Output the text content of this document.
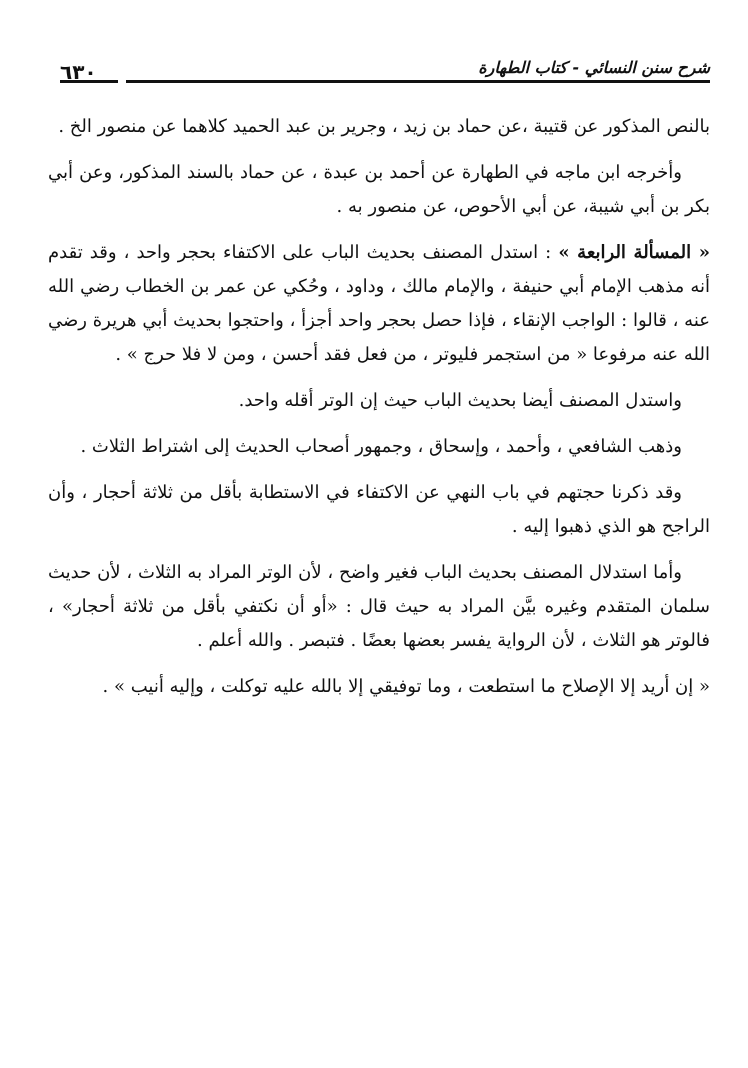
شرح سنن النسائي - كتاب الطهارة
٦٣٠

بالنص المذكور عن قتيبة ،عن حماد بن زيد ، وجرير بن عبد الحميد كلاهما عن منصور الخ .

وأخرجه ابن ماجه في الطهارة عن أحمد بن عبدة ، عن حماد بالسند المذكور، وعن أبي بكر بن أبي شيبة، عن أبي الأحوص، عن منصور به .

« المسألة الرابعة » : استدل المصنف بحديث الباب على الاكتفاء بحجر واحد ، وقد تقدم أنه مذهب الإمام أبي حنيفة ، والإمام مالك ، وداود ، وحُكي عن عمر بن الخطاب رضي الله عنه ، قالوا : الواجب الإنقاء ، فإذا حصل بحجر واحد أجزأ ، واحتجوا بحديث أبي هريرة رضي الله عنه مرفوعا « من استجمر فليوتر ، من فعل فقد أحسن ، ومن لا فلا حرج » .

واستدل المصنف أيضا بحديث الباب حيث إن الوتر أقله واحد.

وذهب الشافعي ، وأحمد ، وإسحاق ، وجمهور أصحاب الحديث إلى اشتراط الثلاث .

وقد ذكرنا حجتهم في باب النهي عن الاكتفاء في الاستطابة بأقل من ثلاثة أحجار ، وأن الراجح هو الذي ذهبوا إليه .

وأما استدلال المصنف بحديث الباب فغير واضح ، لأن الوتر المراد به الثلاث ، لأن حديث سلمان المتقدم وغيره بيَّن المراد به حيث قال : «أو أن نكتفي بأقل من ثلاثة أحجار» ، فالوتر هو الثلاث ، لأن الرواية يفسر بعضها بعضًا . فتبصر . والله أعلم .

« إن أريد إلا الإصلاح ما استطعت ، وما توفيقي إلا بالله عليه توكلت ، وإليه أنيب » .
